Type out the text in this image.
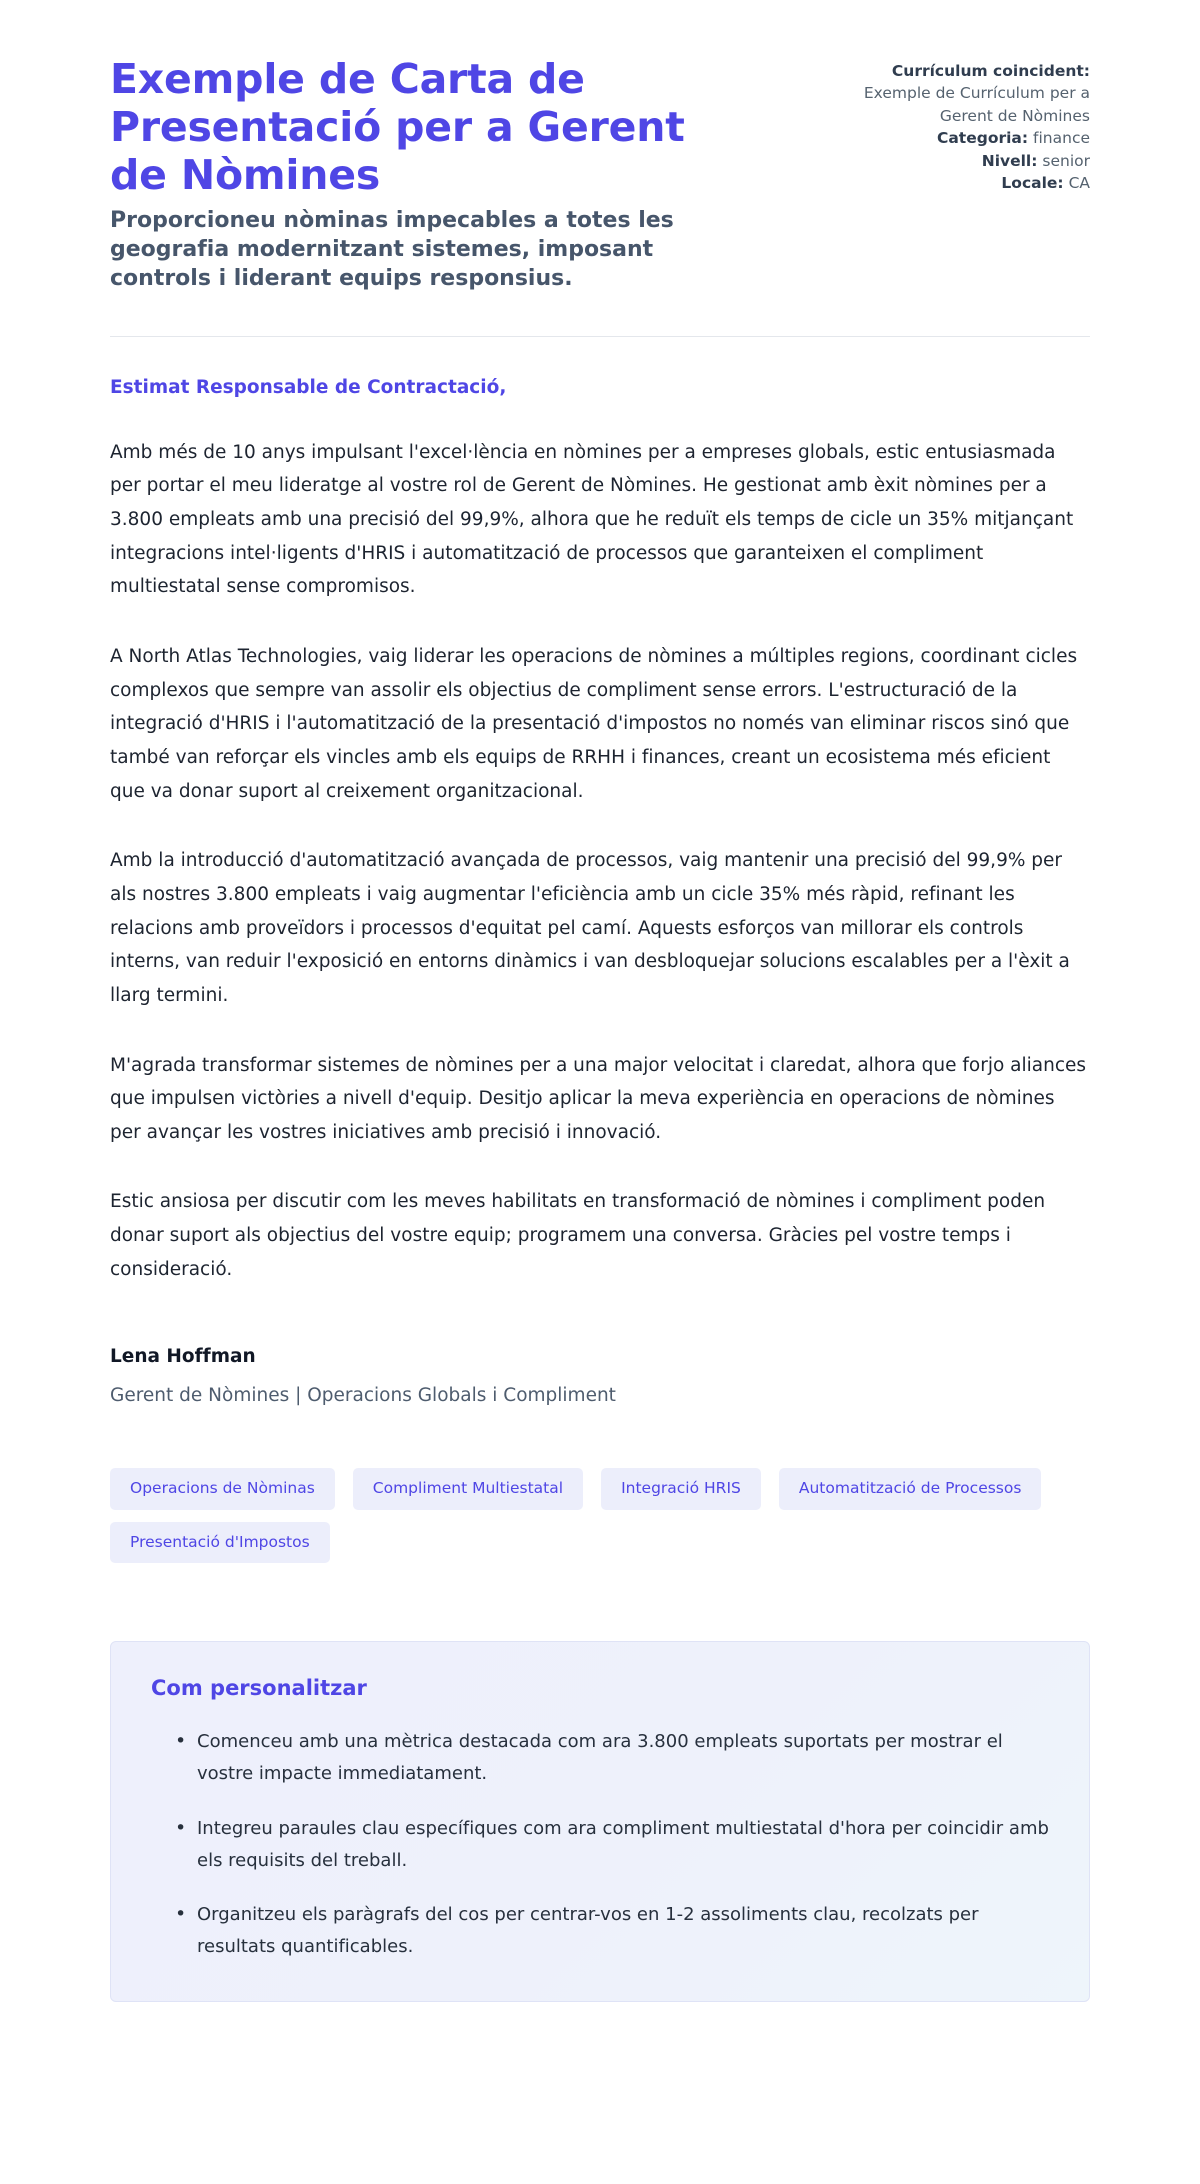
Exemple de Carta de Presentació per a Gerent de Nòmines

Proporcioneu nòminas impecables a totes les geografia modernitzant sistemes, imposant controls i liderant equips responsius.

Currículum coincident:
Exemple de Currículum per a Gerent de Nòmines
Categoria: finance
Nivell: senior
Locale: CA

Estimat Responsable de Contractació,

Amb més de 10 anys impulsant l'excel·lència en nòmines per a empreses globals, estic entusiasmada per portar el meu lideratge al vostre rol de Gerent de Nòmines. He gestionat amb èxit nòmines per a 3.800 empleats amb una precisió del 99,9%, alhora que he reduït els temps de cicle un 35% mitjançant integracions intel·ligents d'HRIS i automatització de processos que garanteixen el compliment multiestatal sense compromisos.

A North Atlas Technologies, vaig liderar les operacions de nòmines a múltiples regions, coordinant cicles complexos que sempre van assolir els objectius de compliment sense errors. L'estructuració de la integració d'HRIS i l'automatització de la presentació d'impostos no només van eliminar riscos sinó que també van reforçar els vincles amb els equips de RRHH i finances, creant un ecosistema més eficient que va donar suport al creixement organitzacional.

Amb la introducció d'automatització avançada de processos, vaig mantenir una precisió del 99,9% per als nostres 3.800 empleats i vaig augmentar l'eficiència amb un cicle 35% més ràpid, refinant les relacions amb proveïdors i processos d'equitat pel camí. Aquests esforços van millorar els controls interns, van reduir l'exposició en entorns dinàmics i van desbloquejar solucions escalables per a l'èxit a llarg termini.

M'agrada transformar sistemes de nòmines per a una major velocitat i claredat, alhora que forjo aliances que impulsen victòries a nivell d'equip. Desitjo aplicar la meva experiència en operacions de nòmines per avançar les vostres iniciatives amb precisió i innovació.

Estic ansiosa per discutir com les meves habilitats en transformació de nòmines i compliment poden donar suport als objectius del vostre equip; programem una conversa. Gràcies pel vostre temps i consideració.

Lena Hoffman

Gerent de Nòmines | Operacions Globals i Compliment

Operacions de Nòminas	Compliment Multiestatal	Integració HRIS	Automatització de Processos
Presentació d'Impostos

Com personalitzar

• Comenceu amb una mètrica destacada com ara 3.800 empleats suportats per mostrar el vostre impacte immediatament.
• Integreu paraules clau específiques com ara compliment multiestatal d'hora per coincidir amb els requisits del treball.
• Organitzeu els paràgrafs del cos per centrar-vos en 1-2 assoliments clau, recolzats per resultats quantificables.
